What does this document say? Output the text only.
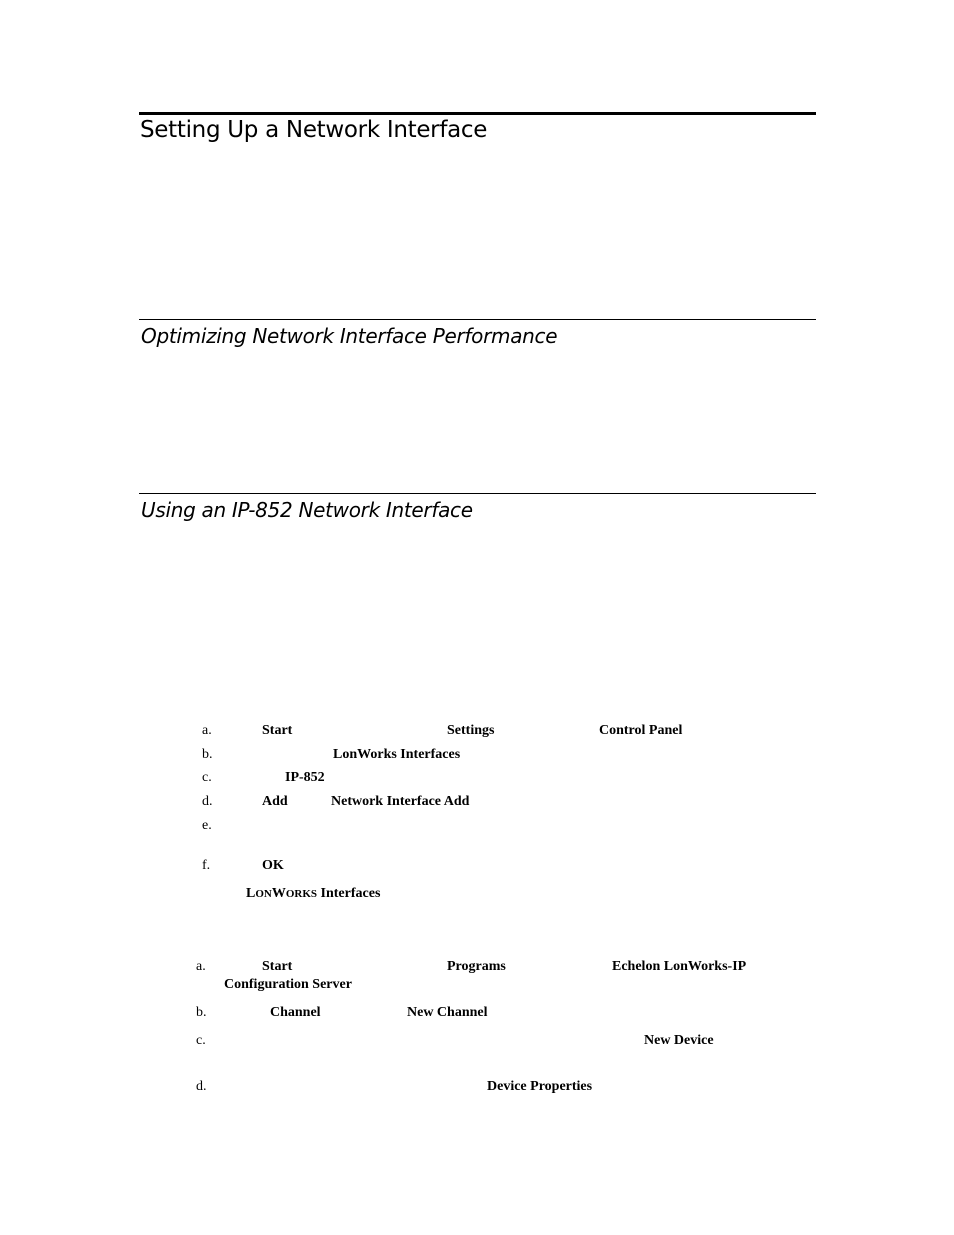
Setting Up a Network Interface
Optimizing Network Interface Performance
Using an IP-852 Network Interface
a.	Start	Settings	Control Panel
b.	LonWorks Interfaces
c.	IP-852
d.	Add	Network Interface Add
e.
f.	OK
LONWORKS Interfaces
a.	Start	Programs	Echelon LonWorks-IP
Configuration Server
b.	Channel	New Channel
c.	New Device
d.	Device Properties
